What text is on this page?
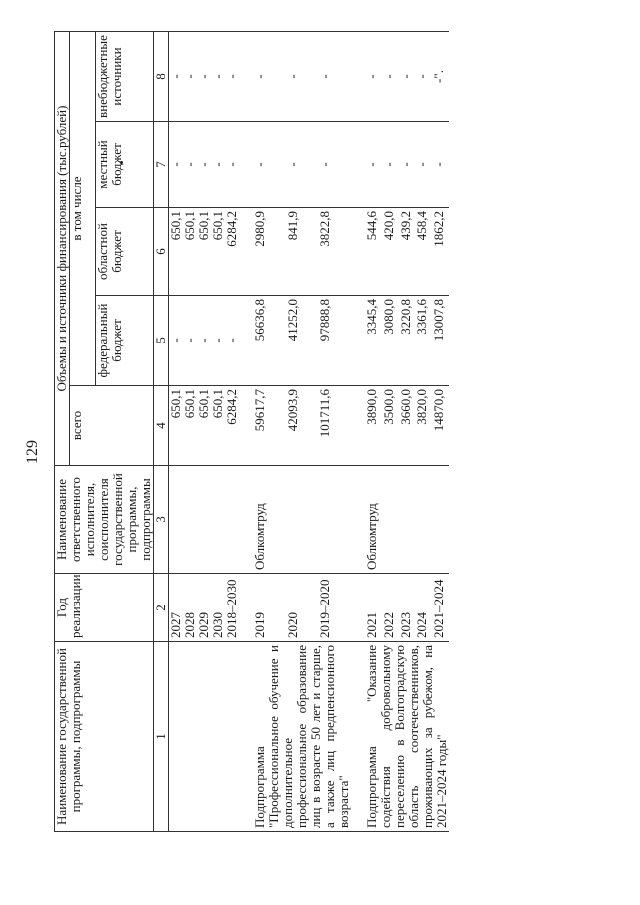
129
Наименование государственной программы, подпрограммы	Год реализации	Наименование ответственного исполнителя, соисполнителя государственной программы, подпрограммы	Объемы и источники финансирования (тыс.рублей)				
			всего	в том числе			
				федеральный бюджет	областной бюджет	местный бюджет	внебюджетные источники
1	2	3	4	5	6	7	8
	2027		650,1	-	650,1	-	-
	2028		650,1	-	650,1	-	-
	2029		650,1	-	650,1	-	-
	2030		650,1	-	650,1	-	-
	2018–2030		6284,2	-	6284,2	-	-

Подпрограмма "Профессиональное обучение и дополнительное профессиональное образование лиц в возрасте 50 лет и старше, а также лиц предпенсионного возраста"	2019	Облкомтруд	59617,7	56636,8	2980,9	-	-
	2020		42093,9	41252,0	841,9	-	-
	2019–2020		101711,6	97888,8	3822,8	-	-

Подпрограмма "Оказание содействия добровольному переселению в Волгоградскую область соотечественников, проживающих за рубежом, на 2021–2024 годы"	2021	Облкомтруд	3890,0	3345,4	544,6	-	-
	2022		3500,0	3080,0	420,0	-	-
	2023		3660,0	3220,8	439,2	-	-
	2024		3820,0	3361,6	458,4	-	-
	2021–2024		14870,0	13007,8	1862,2	-	-".
